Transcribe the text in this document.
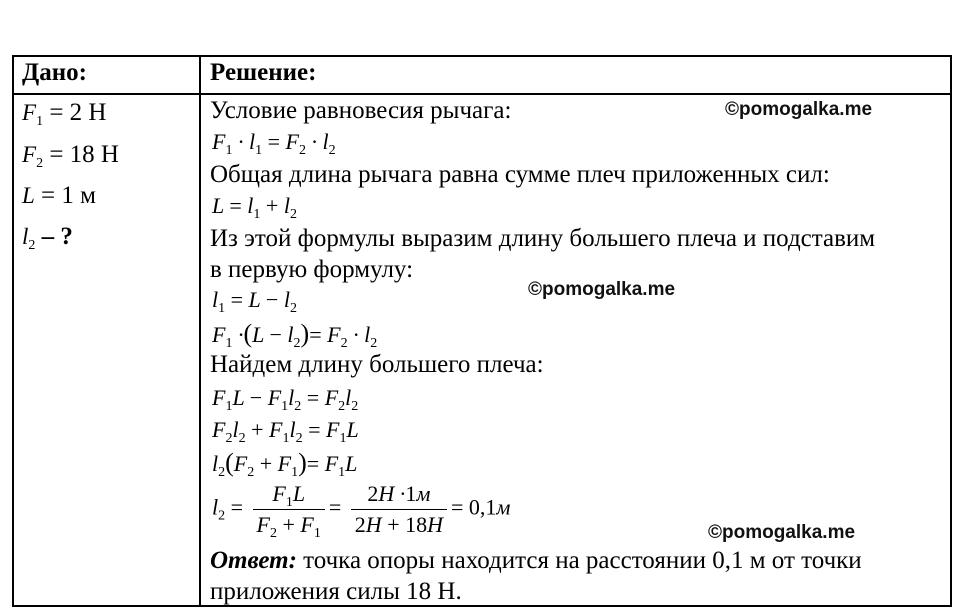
Дано:
$F_1 = 2$ Н
$F_2 = 18$ Н
L = 1 м
$l_2$ – ?
Решение:
Условие равновесия рычага:
$F_1 \cdot l_1 = F_2 \cdot l_2$
Общая длина рычага равна сумме плеч приложенных сил:
$L = l_1 + l_2$
Из этой формулы выразим длину большего плеча и подставим
в первую формулу:
$l_1 = L - l_2$
$F_1 \cdot(L - l_2)= F_2 \cdot l_2$
Найдем длину большего плеча:
$F_1L - F_1l_2 = F_2l_2$
$F_2l_2 + F_1l_2 = F_1L$
$l_2(F_2 + F_1)= F_1L$
$l_2 = \frac{F_1L}{F_2 + F_1} = \frac{2H \cdot 1м}{2H + 18H} = 0,1м$
Ответ: точка опоры находится на расстоянии 0,1 м от точки
приложения силы 18 Н.
©pomogalka.me
©pomogalka.me
©pomogalka.me
